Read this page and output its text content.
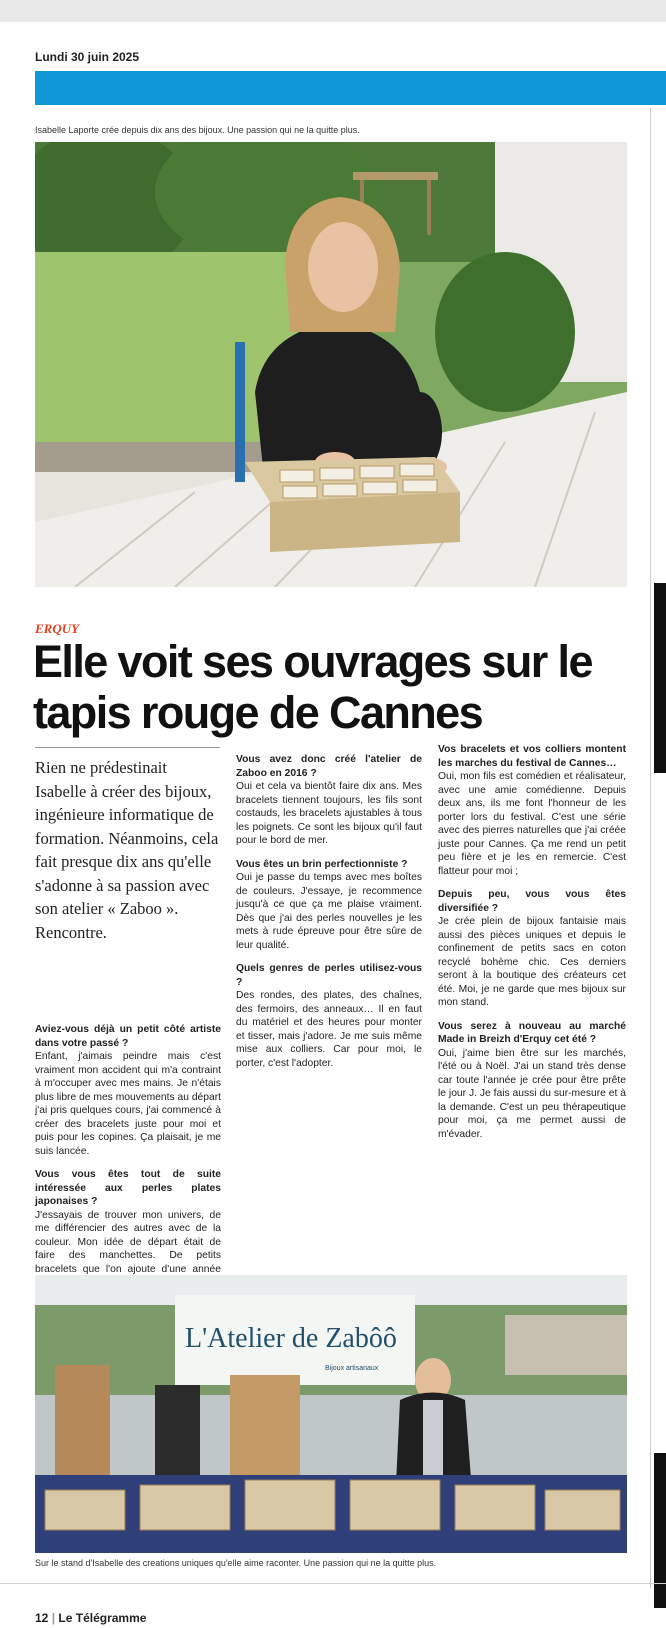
Lundi 30 juin 2025
Isabelle Laporte crée depuis dix ans des bijoux. Une passion qui ne la quitte plus.
ERQUY
Elle voit ses ouvrages sur le tapis rouge de Cannes
Rien ne prédestinait Isabelle à créer des bijoux, ingénieure informatique de formation. Néanmoins, cela fait presque dix ans qu'elle s'adonne à sa passion avec son atelier « Zaboo ». Rencontre.
Aviez-vous déjà un petit côté artiste dans votre passé ?
Enfant, j'aimais peindre mais c'est vraiment mon accident qui m'a contraint à m'occuper avec mes mains. Je n'étais plus libre de mes mouvements au départ j'ai pris quelques cours, j'ai commencé à créer des bracelets juste pour moi et puis pour les copines. Ça plaisait, je me suis lancée.
Vous vous êtes tout de suite intéressée aux perles plates japonaises ?
J'essayais de trouver mon univers, de me différencier des autres avec de la couleur. Mon idée de départ était de faire des manchettes. De petits bracelets que l'on ajoute d'une année
Vous avez donc créé l'atelier de Zaboo en 2016 ?
Oui et cela va bientôt faire dix ans. Mes bracelets tiennent toujours, les fils sont costauds, les bracelets ajustables à tous les poignets. Ce sont les bijoux qu'il faut pour le bord de mer.
Vous êtes un brin perfectionniste ?
Oui je passe du temps avec mes boîtes de couleurs. J'essaye, je recommence jusqu'à ce que ça me plaise vraiment. Dès que j'ai des perles nouvelles je les mets à rude épreuve pour être sûre de leur qualité.
Quels genres de perles utilisez-vous ?
Des rondes, des plates, des chaînes, des fermoirs, des anneaux… Il en faut du matériel et des heures pour monter et tisser, mais j'adore. Je me suis même mise aux colliers. Car pour moi, le porter, c'est l'adopter.
Vos bracelets et vos colliers montent les marches du festival de Cannes…
Oui, mon fils est comédien et réalisateur, avec une amie comédienne. Depuis deux ans, ils me font l'honneur de les porter lors du festival. C'est une série avec des pierres naturelles que j'ai créée juste pour Cannes. Ça me rend un petit peu fière et je les en remercie. C'est flatteur pour moi ;
Depuis peu, vous vous êtes diversifiée ?
Je crée plein de bijoux fantaisie mais aussi des pièces uniques et depuis le confinement de petits sacs en coton recyclé bohème chic. Ces derniers seront à la boutique des créateurs cet été. Moi, je ne garde que mes bijoux sur mon stand.
Vous serez à nouveau au marché Made in Breizh d'Erquy cet été ?
Oui, j'aime bien être sur les marchés, l'été ou à Noël. J'ai un stand très dense car toute l'année je crée pour être prête le jour J. Je fais aussi du sur-mesure et à la demande. C'est un peu thérapeutique pour moi, ça me permet aussi de m'évader.
L'Atelier de Zabôô
Bijoux artisanaux
Sur le stand d'Isabelle des creations uniques qu'elle aime raconter. Une passion qui ne la quitte plus.
12 | Le Télégramme
